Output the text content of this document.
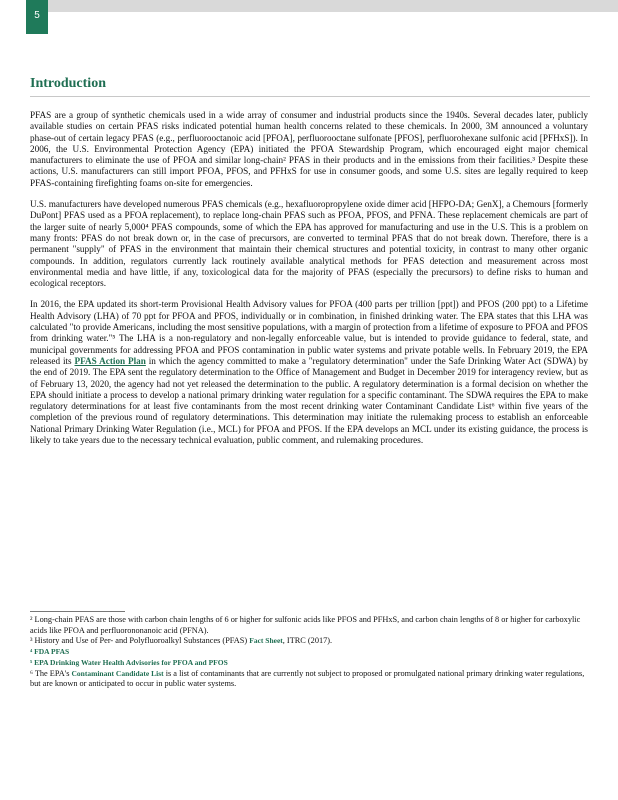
5
Introduction

PFAS are a group of synthetic chemicals used in a wide array of consumer and industrial products since the 1940s. Several decades later, publicly available studies on certain PFAS risks indicated potential human health concerns related to these chemicals. In 2000, 3M announced a voluntary phase-out of certain legacy PFAS (e.g., perfluorooctanoic acid [PFOA], perfluorooctane sulfonate [PFOS], perfluorohexane sulfonic acid [PFHxS]). In 2006, the U.S. Environmental Protection Agency (EPA) initiated the PFOA Stewardship Program, which encouraged eight major chemical manufacturers to eliminate the use of PFOA and similar long-chain² PFAS in their products and in the emissions from their facilities.³ Despite these actions, U.S. manufacturers can still import PFOA, PFOS, and PFHxS for use in consumer goods, and some U.S. sites are legally required to keep PFAS-containing firefighting foams on-site for emergencies.

U.S. manufacturers have developed numerous PFAS chemicals (e.g., hexafluoropropylene oxide dimer acid [HFPO-DA; GenX], a Chemours [formerly DuPont] PFAS used as a PFOA replacement), to replace long-chain PFAS such as PFOA, PFOS, and PFNA. These replacement chemicals are part of the larger suite of nearly 5,000⁴ PFAS compounds, some of which the EPA has approved for manufacturing and use in the U.S. This is a problem on many fronts: PFAS do not break down or, in the case of precursors, are converted to terminal PFAS that do not break down. Therefore, there is a permanent "supply" of PFAS in the environment that maintain their chemical structures and potential toxicity, in contrast to many other organic compounds. In addition, regulators currently lack routinely available analytical methods for PFAS detection and measurement across most environmental media and have little, if any, toxicological data for the majority of PFAS (especially the precursors) to define risks to human and ecological receptors.

In 2016, the EPA updated its short-term Provisional Health Advisory values for PFOA (400 parts per trillion [ppt]) and PFOS (200 ppt) to a Lifetime Health Advisory (LHA) of 70 ppt for PFOA and PFOS, individually or in combination, in finished drinking water. The EPA states that this LHA was calculated "to provide Americans, including the most sensitive populations, with a margin of protection from a lifetime of exposure to PFOA and PFOS from drinking water."⁵ The LHA is a non-regulatory and non-legally enforceable value, but is intended to provide guidance to federal, state, and municipal governments for addressing PFOA and PFOS contamination in public water systems and private potable wells. In February 2019, the EPA released its PFAS Action Plan in which the agency committed to make a "regulatory determination" under the Safe Drinking Water Act (SDWA) by the end of 2019. The EPA sent the regulatory determination to the Office of Management and Budget in December 2019 for interagency review, but as of February 13, 2020, the agency had not yet released the determination to the public. A regulatory determination is a formal decision on whether the EPA should initiate a process to develop a national primary drinking water regulation for a specific contaminant. The SDWA requires the EPA to make regulatory determinations for at least five contaminants from the most recent drinking water Contaminant Candidate List⁶ within five years of the completion of the previous round of regulatory determinations. This determination may initiate the rulemaking process to establish an enforceable National Primary Drinking Water Regulation (i.e., MCL) for PFOA and PFOS. If the EPA develops an MCL under its existing guidance, the process is likely to take years due to the necessary technical evaluation, public comment, and rulemaking procedures.

² Long-chain PFAS are those with carbon chain lengths of 6 or higher for sulfonic acids like PFOS and PFHxS, and carbon chain lengths of 8 or higher for carboxylic acids like PFOA and perfluorononanoic acid (PFNA).

³ History and Use of Per- and Polyfluoroalkyl Substances (PFAS) Fact Sheet, ITRC (2017).

⁴ FDA PFAS

⁵ EPA Drinking Water Health Advisories for PFOA and PFOS

⁶ The EPA's Contaminant Candidate List is a list of contaminants that are currently not subject to proposed or promulgated national primary drinking water regulations, but are known or anticipated to occur in public water systems.
